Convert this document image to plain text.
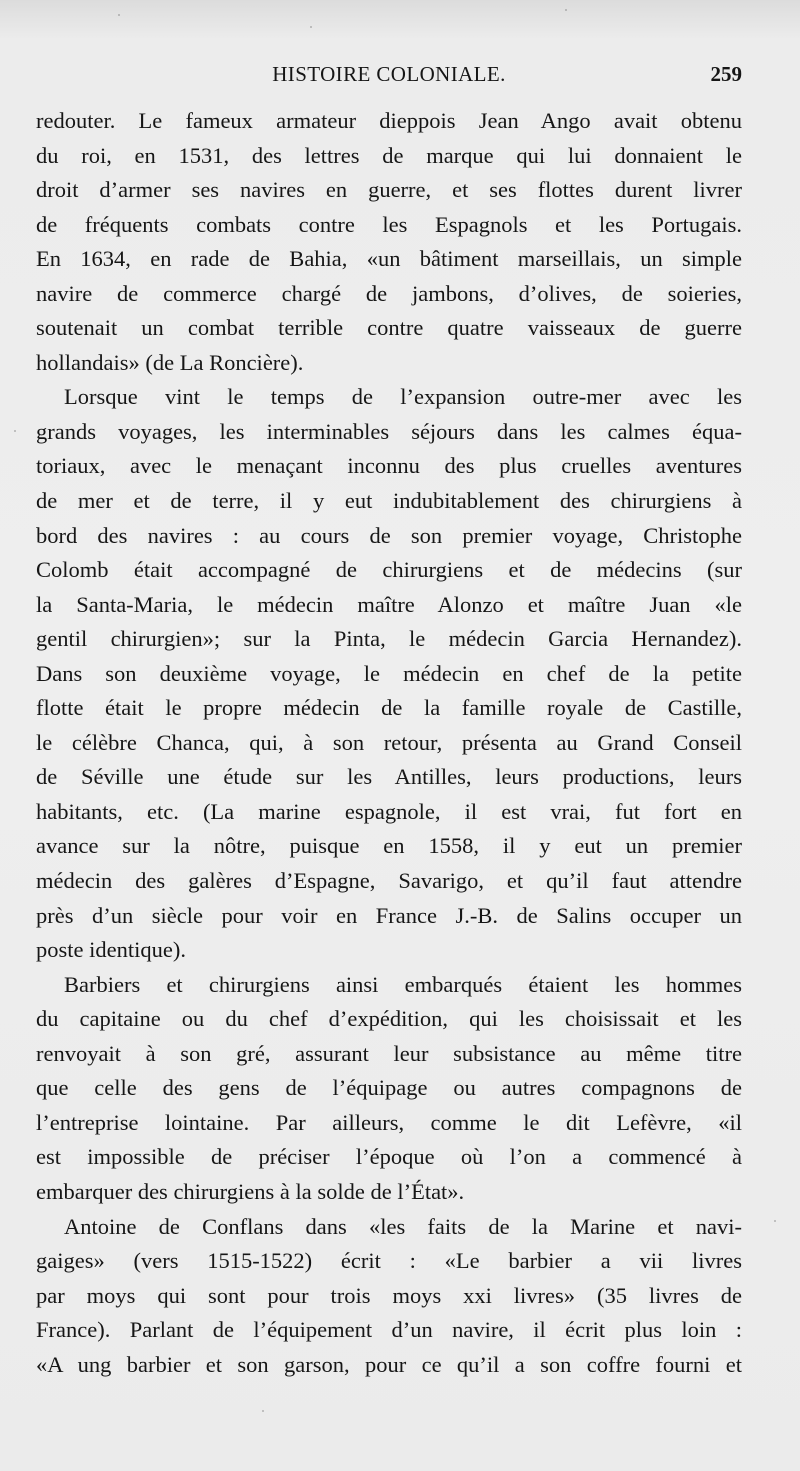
HISTOIRE COLONIALE.	259
redouter. Le fameux armateur dieppois Jean Ango avait obtenu
du roi, en 1531, des lettres de marque qui lui donnaient le
droit d’armer ses navires en guerre, et ses flottes durent livrer
de fréquents combats contre les Espagnols et les Portugais.
En 1634, en rade de Bahia, «un bâtiment marseillais, un simple
navire de commerce chargé de jambons, d’olives, de soieries,
soutenait un combat terrible contre quatre vaisseaux de guerre
hollandais» (de La Roncière).
Lorsque vint le temps de l’expansion outre-mer avec les
grands voyages, les interminables séjours dans les calmes équa-
toriaux, avec le menaçant inconnu des plus cruelles aventures
de mer et de terre, il y eut indubitablement des chirurgiens à
bord des navires : au cours de son premier voyage, Christophe
Colomb était accompagné de chirurgiens et de médecins (sur
la Santa-Maria, le médecin maître Alonzo et maître Juan «le
gentil chirurgien»; sur la Pinta, le médecin Garcia Hernandez).
Dans son deuxième voyage, le médecin en chef de la petite
flotte était le propre médecin de la famille royale de Castille,
le célèbre Chanca, qui, à son retour, présenta au Grand Conseil
de Séville une étude sur les Antilles, leurs productions, leurs
habitants, etc. (La marine espagnole, il est vrai, fut fort en
avance sur la nôtre, puisque en 1558, il y eut un premier
médecin des galères d’Espagne, Savarigo, et qu’il faut attendre
près d’un siècle pour voir en France J.-B. de Salins occuper un
poste identique).
Barbiers et chirurgiens ainsi embarqués étaient les hommes
du capitaine ou du chef d’expédition, qui les choisissait et les
renvoyait à son gré, assurant leur subsistance au même titre
que celle des gens de l’équipage ou autres compagnons de
l’entreprise lointaine. Par ailleurs, comme le dit Lefèvre, «il
est impossible de préciser l’époque où l’on a commencé à
embarquer des chirurgiens à la solde de l’État».
Antoine de Conflans dans «les faits de la Marine et navi-
gaiges» (vers 1515-1522) écrit : «Le barbier a vii livres
par moys qui sont pour trois moys xxi livres» (35 livres de
France). Parlant de l’équipement d’un navire, il écrit plus loin :
«A ung barbier et son garson, pour ce qu’il a son coffre fourni et
